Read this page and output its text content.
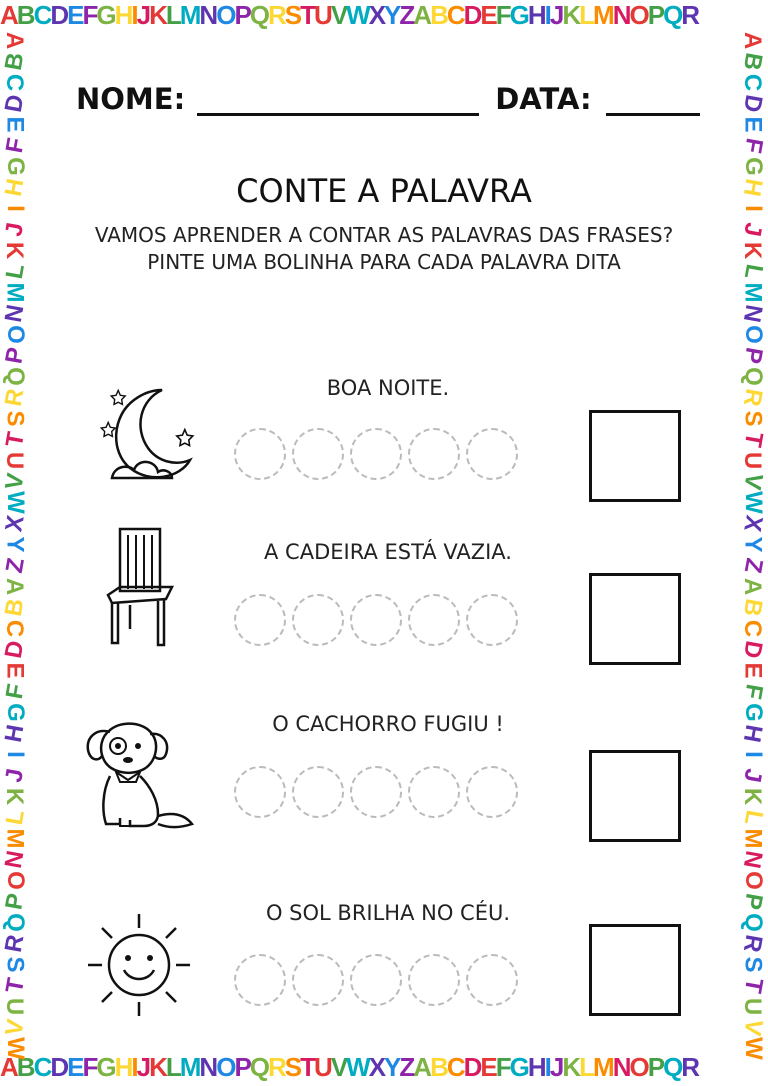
A B C D E F G H I J K L M N O P Q R S T U V W X Y Z A B C D E F G H I J K L M N O P Q R
A B C D E F G H I J K L M N O P Q R S T U V W X Y Z A B C D E F G H I J K L M N O P Q R
A
B
C
D
E
F
G
H
I
J
K
L
M
N
O
P
Q
R
S
T
U
V
W
X
Y
Z
A
B
C
D
E
F
G
H
I
J
K
L
M
N
O
P
Q
R
S
T
U
V
W
A
B
C
D
E
F
G
H
I
J
K
L
M
N
O
P
Q
R
S
T
U
V
W
X
Y
Z
A
B
C
D
E
F
G
H
I
J
K
L
M
N
O
P
Q
R
S
T
U
V
W
NOME:	DATA:
CONTE A PALAVRA
VAMOS APRENDER A CONTAR AS PALAVRAS DAS FRASES? PINTE UMA BOLINHA PARA CADA PALAVRA DITA
BOA NOITE.
A CADEIRA ESTÁ VAZIA.
O CACHORRO FUGIU !
O SOL BRILHA NO CÉU.
